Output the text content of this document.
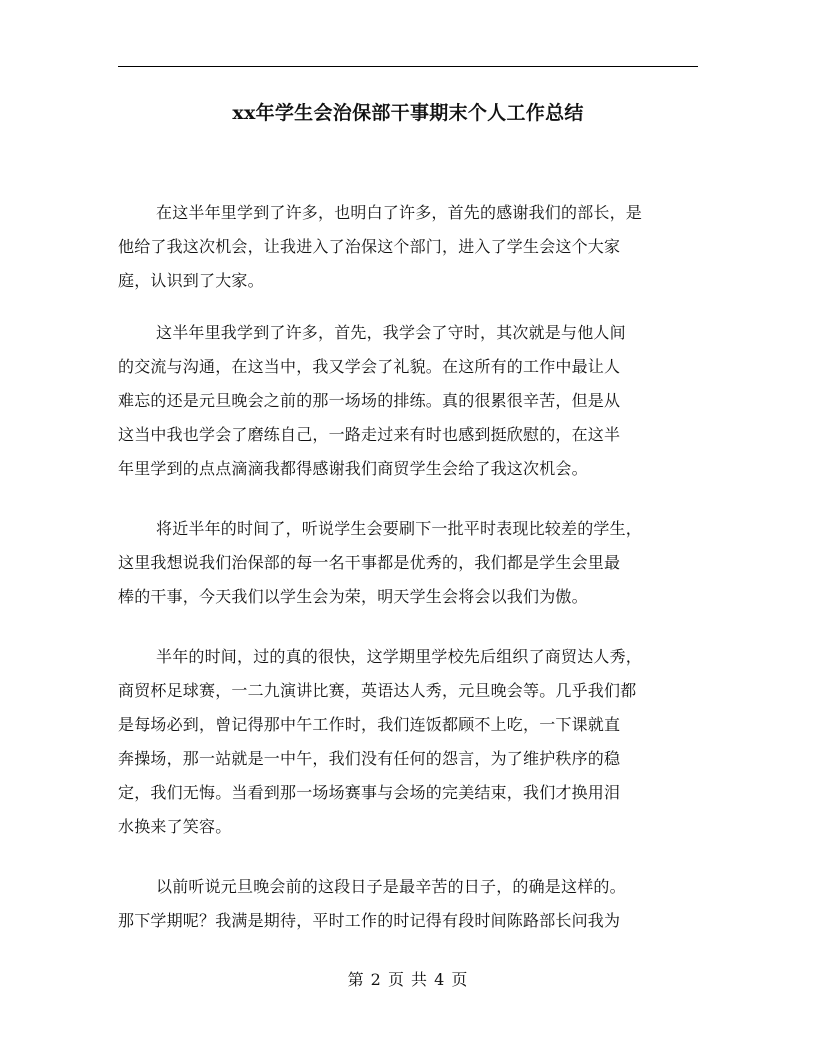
xx年学生会治保部干事期末个人工作总结

在这半年里学到了许多，也明白了许多，首先的感谢我们的部长，是
他给了我这次机会，让我进入了治保这个部门，进入了学生会这个大家
庭，认识到了大家。

这半年里我学到了许多，首先，我学会了守时，其次就是与他人间
的交流与沟通，在这当中，我又学会了礼貌。在这所有的工作中最让人
难忘的还是元旦晚会之前的那一场场的排练。真的很累很辛苦，但是从
这当中我也学会了磨练自己，一路走过来有时也感到挺欣慰的，在这半
年里学到的点点滴滴我都得感谢我们商贸学生会给了我这次机会。

将近半年的时间了，听说学生会要刷下一批平时表现比较差的学生，
这里我想说我们治保部的每一名干事都是优秀的，我们都是学生会里最
棒的干事，今天我们以学生会为荣，明天学生会将会以我们为傲。

半年的时间，过的真的很快，这学期里学校先后组织了商贸达人秀，
商贸杯足球赛，一二九演讲比赛，英语达人秀，元旦晚会等。几乎我们都
是每场必到，曾记得那中午工作时，我们连饭都顾不上吃，一下课就直
奔操场，那一站就是一中午，我们没有任何的怨言，为了维护秩序的稳
定，我们无悔。当看到那一场场赛事与会场的完美结束，我们才换用泪
水换来了笑容。

以前听说元旦晚会前的这段日子是最辛苦的日子，的确是这样的。
那下学期呢？我满是期待，平时工作的时记得有段时间陈路部长问我为

第 2 页 共 4 页
